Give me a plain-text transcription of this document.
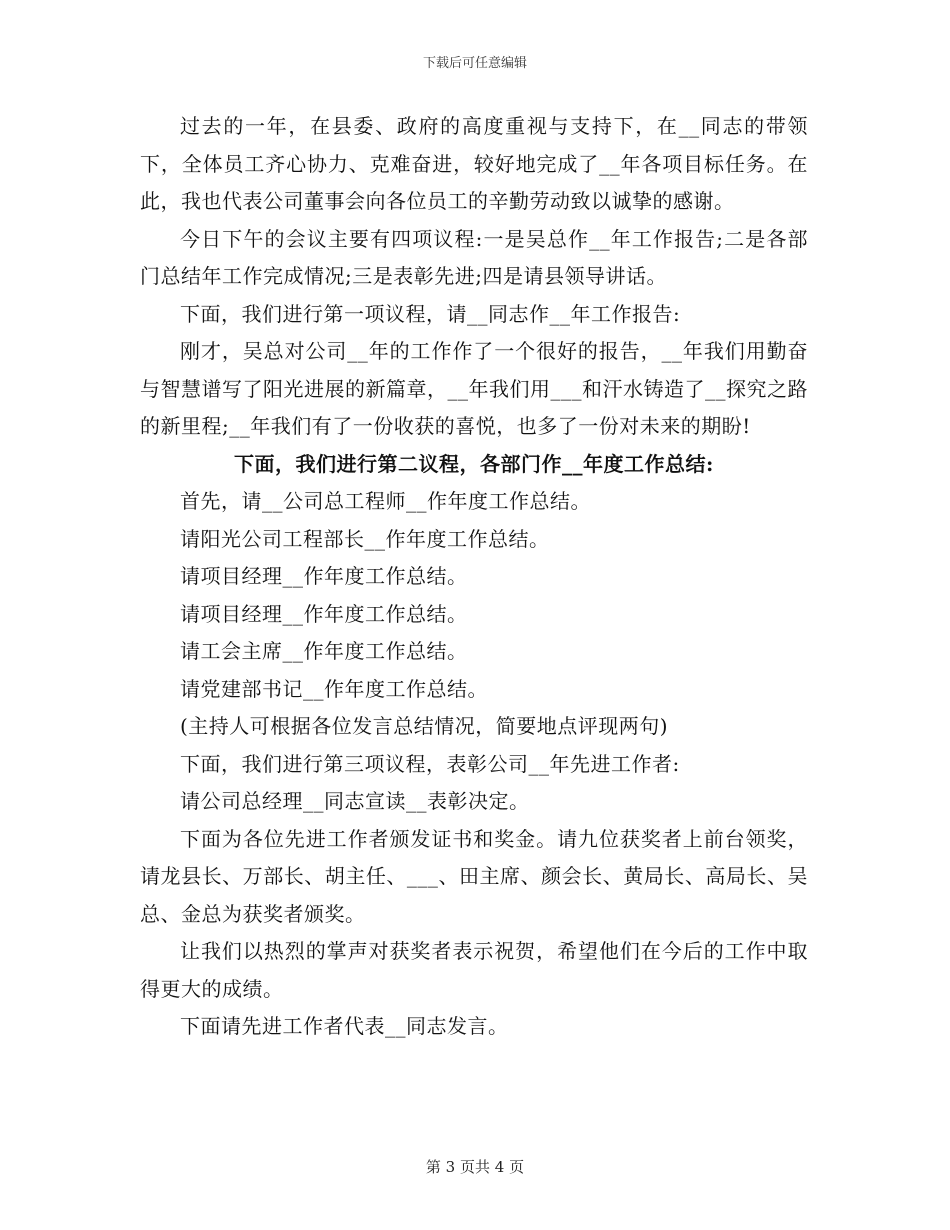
下载后可任意编辑

过去的一年，在县委、政府的高度重视与支持下，在__同志的带领下，全体员工齐心协力、克难奋进，较好地完成了__年各项目标任务。在此，我也代表公司董事会向各位员工的辛勤劳动致以诚挚的感谢。

今日下午的会议主要有四项议程:一是吴总作__年工作报告;二是各部门总结年工作完成情况;三是表彰先进;四是请县领导讲话。

下面，我们进行第一项议程，请__同志作__年工作报告:

刚才，吴总对公司__年的工作作了一个很好的报告，__年我们用勤奋与智慧谱写了阳光进展的新篇章，__年我们用___和汗水铸造了__探究之路的新里程;__年我们有了一份收获的喜悦，也多了一份对未来的期盼!

下面，我们进行第二议程，各部门作__年度工作总结:

首先，请__公司总工程师__作年度工作总结。

请阳光公司工程部长__作年度工作总结。

请项目经理__作年度工作总结。

请项目经理__作年度工作总结。

请工会主席__作年度工作总结。

请党建部书记__作年度工作总结。

(主持人可根据各位发言总结情况，简要地点评现两句)

下面，我们进行第三项议程，表彰公司__年先进工作者:

请公司总经理__同志宣读__表彰决定。

下面为各位先进工作者颁发证书和奖金。请九位获奖者上前台领奖，请龙县长、万部长、胡主任、___、田主席、颜会长、黄局长、高局长、吴总、金总为获奖者颁奖。

让我们以热烈的掌声对获奖者表示祝贺，希望他们在今后的工作中取得更大的成绩。

下面请先进工作者代表__同志发言。

第 3 页共 4 页
